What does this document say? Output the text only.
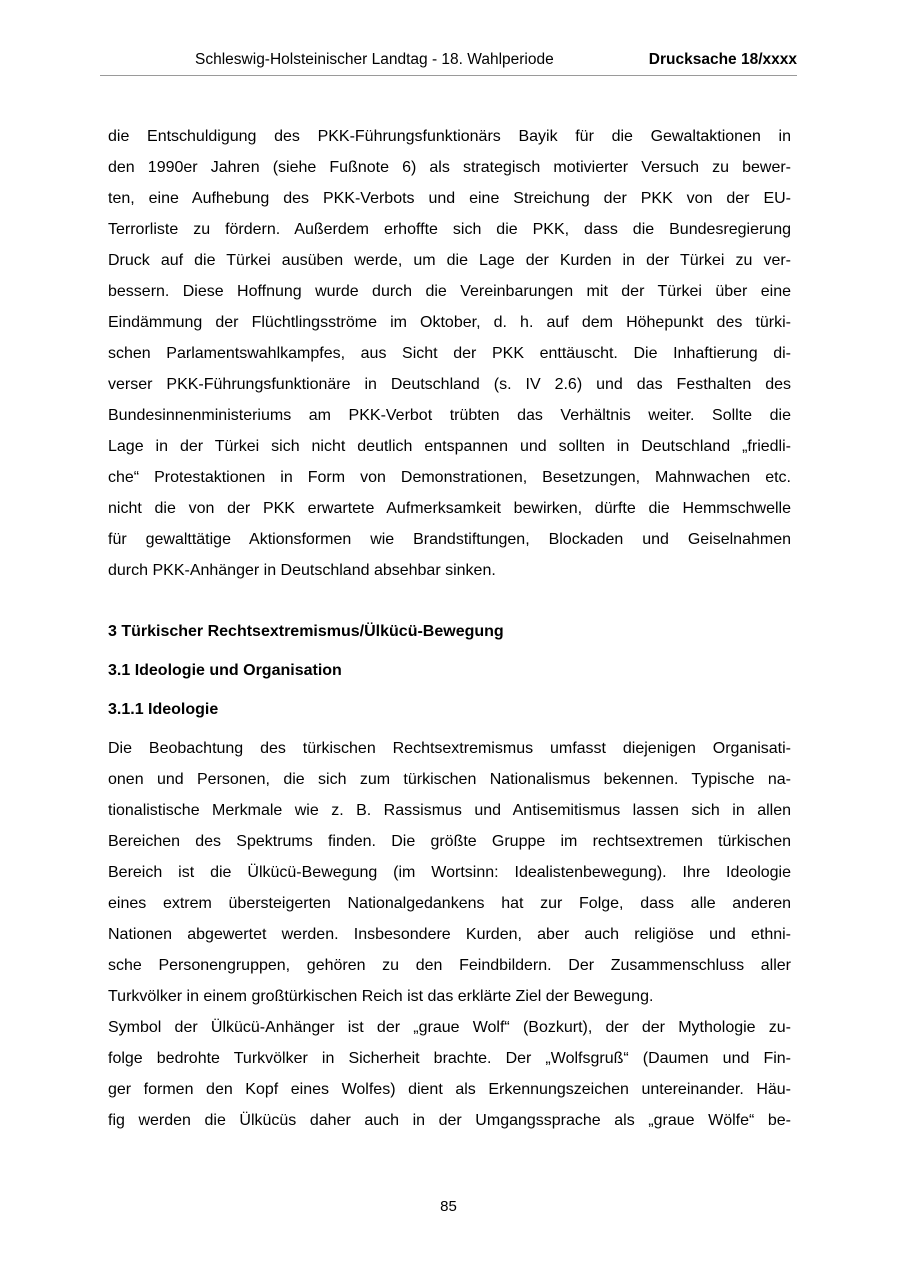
Schleswig-Holsteinischer Landtag - 18. Wahlperiode	Drucksache 18/xxxx
die Entschuldigung des PKK-Führungsfunktionärs Bayik für die Gewaltaktionen in
den 1990er Jahren (siehe Fußnote 6) als strategisch motivierter Versuch zu bewer-
ten, eine Aufhebung des PKK-Verbots und eine Streichung der PKK von der EU-
Terrorliste zu fördern. Außerdem erhoffte sich die PKK, dass die Bundesregierung
Druck auf die Türkei ausüben werde, um die Lage der Kurden in der Türkei zu ver-
bessern. Diese Hoffnung wurde durch die Vereinbarungen mit der Türkei über eine
Eindämmung der Flüchtlingsströme im Oktober, d. h. auf dem Höhepunkt des türki-
schen Parlamentswahlkampfes, aus Sicht der PKK enttäuscht. Die Inhaftierung di-
verser PKK-Führungsfunktionäre in Deutschland (s. IV 2.6) und das Festhalten des
Bundesinnenministeriums am PKK-Verbot trübten das Verhältnis weiter. Sollte die
Lage in der Türkei sich nicht deutlich entspannen und sollten in Deutschland „friedli-
che“ Protestaktionen in Form von Demonstrationen, Besetzungen, Mahnwachen etc.
nicht die von der PKK erwartete Aufmerksamkeit bewirken, dürfte die Hemmschwelle
für gewalttätige Aktionsformen wie Brandstiftungen, Blockaden und Geiselnahmen
durch PKK-Anhänger in Deutschland absehbar sinken.
3 Türkischer Rechtsextremismus/Ülkücü-Bewegung
3.1 Ideologie und Organisation
3.1.1 Ideologie
Die Beobachtung des türkischen Rechtsextremismus umfasst diejenigen Organisati-
onen und Personen, die sich zum türkischen Nationalismus bekennen. Typische na-
tionalistische Merkmale wie z. B. Rassismus und Antisemitismus lassen sich in allen
Bereichen des Spektrums finden. Die größte Gruppe im rechtsextremen türkischen
Bereich ist die Ülkücü-Bewegung (im Wortsinn: Idealistenbewegung). Ihre Ideologie
eines extrem übersteigerten Nationalgedankens hat zur Folge, dass alle anderen
Nationen abgewertet werden. Insbesondere Kurden, aber auch religiöse und ethni-
sche Personengruppen, gehören zu den Feindbildern. Der Zusammenschluss aller
Turkvölker in einem großtürkischen Reich ist das erklärte Ziel der Bewegung.
Symbol der Ülkücü-Anhänger ist der „graue Wolf“ (Bozkurt), der der Mythologie zu-
folge bedrohte Turkvölker in Sicherheit brachte. Der „Wolfsgruß“ (Daumen und Fin-
ger formen den Kopf eines Wolfes) dient als Erkennungszeichen untereinander. Häu-
fig werden die Ülkücüs daher auch in der Umgangssprache als „graue Wölfe“ be-
85
